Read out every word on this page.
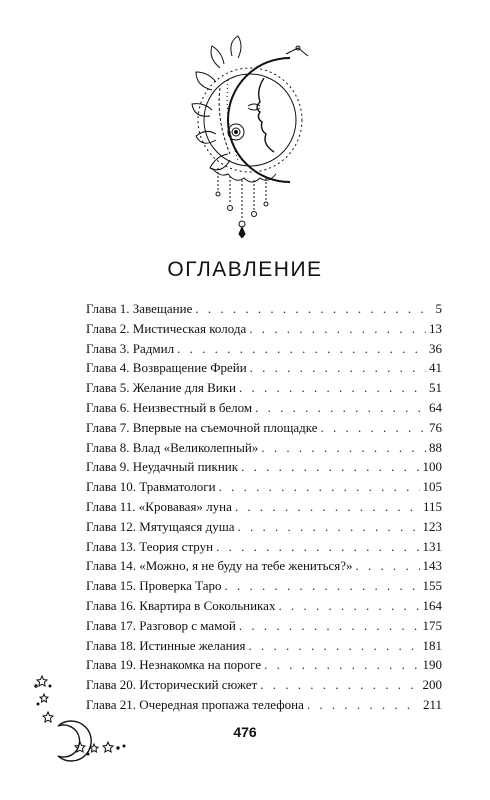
ОГЛАВЛЕНИЕ
Глава 1. Завещание . . .	5
Глава 2. Мистическая колода . . .	13
Глава 3. Радмил . . .	36
Глава 4. Возвращение Фрейи . . .	41
Глава 5. Желание для Вики . . .	51
Глава 6. Неизвестный в белом . . .	64
Глава 7. Впервые на съемочной площадке . . .	76
Глава 8. Влад «Великолепный» . . .	88
Глава 9. Неудачный пикник . . .	100
Глава 10. Травматологи . . .	105
Глава 11. «Кровавая» луна . . .	115
Глава 12. Мятущаяся душа . . .	123
Глава 13. Теория струн . . .	131
Глава 14. «Можно, я не буду на тебе жениться?» . . .	143
Глава 15. Проверка Таро . . .	155
Глава 16. Квартира в Сокольниках . . .	164
Глава 17. Разговор с мамой . . .	175
Глава 18. Истинные желания . . .	181
Глава 19. Незнакомка на пороге . . .	190
Глава 20. Исторический сюжет . . .	200
Глава 21. Очередная пропажа телефона . . .	211
476
